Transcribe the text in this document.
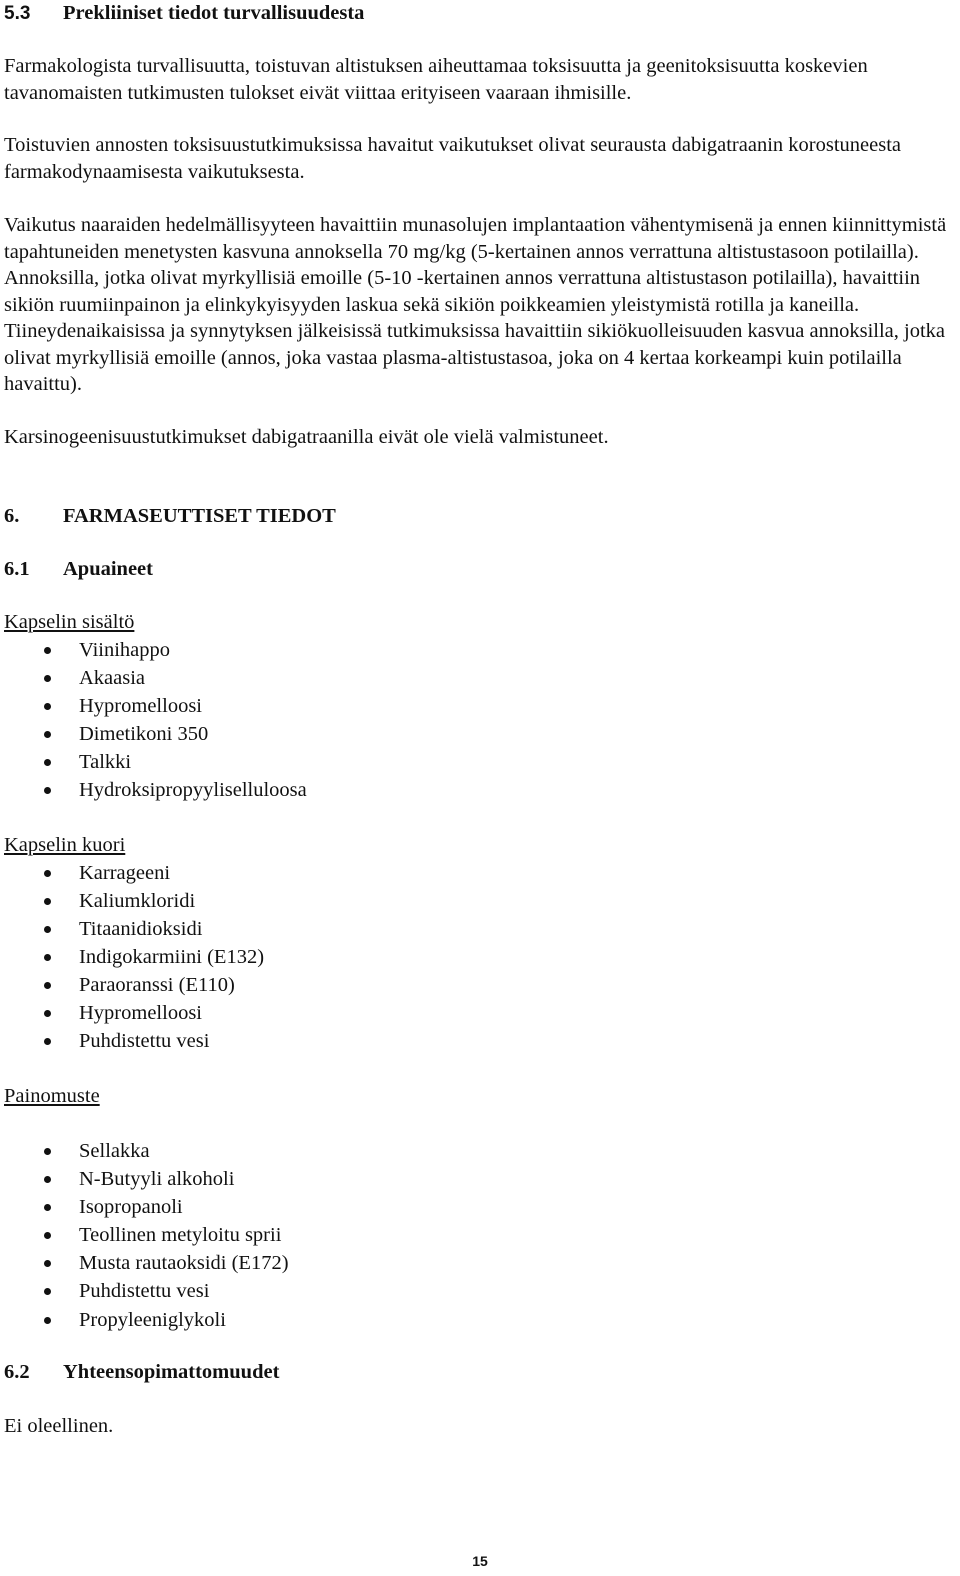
5.3 Prekliiniset tiedot turvallisuudesta

Farmakologista turvallisuutta, toistuvan altistuksen aiheuttamaa toksisuutta ja geenitoksisuutta koskevien tavanomaisten tutkimusten tulokset eivät viittaa erityiseen vaaraan ihmisille.

Toistuvien annosten toksisuustutkimuksissa havaitut vaikutukset olivat seurausta dabigatraanin korostuneesta farmakodynaamisesta vaikutuksesta.

Vaikutus naaraiden hedelmällisyyteen havaittiin munasolujen implantaation vähentymisenä ja ennen kiinnittymistä tapahtuneiden menetysten kasvuna annoksella 70 mg/kg (5-kertainen annos verrattuna altistustasoon potilailla). Annoksilla, jotka olivat myrkyllisiä emoille (5-10 -kertainen annos verrattuna altistustason potilailla), havaittiin sikiön ruumiinpainon ja elinkykyisyyden laskua sekä sikiön poikkeamien yleistymistä rotilla ja kaneilla. Tiineydenaikaisissa ja synnytyksen jälkeisissä tutkimuksissa havaittiin sikiökuolleisuuden kasvua annoksilla, jotka olivat myrkyllisiä emoille (annos, joka vastaa plasma-altistustasoa, joka on 4 kertaa korkeampi kuin potilailla havaittu).

Karsinogeenisuustutkimukset dabigatraanilla eivät ole vielä valmistuneet.

6. FARMASEUTTISET TIEDOT
6.1 Apuaineet

Kapselin sisältö

Viinihappo
Akaasia
Hypromelloosi
Dimetikoni 350
Talkki
Hydroksipropyyliselluloosa

Kapselin kuori

Karrageeni
Kaliumkloridi
Titaanidioksidi
Indigokarmiini (E132)
Paraoranssi (E110)
Hypromelloosi
Puhdistettu vesi

Painomuste

Sellakka
N-Butyyli alkoholi
Isopropanoli
Teollinen metyloitu sprii
Musta rautaoksidi (E172)
Puhdistettu vesi
Propyleeniglykoli
6.2 Yhteensopimattomuudet

Ei oleellinen.

15
